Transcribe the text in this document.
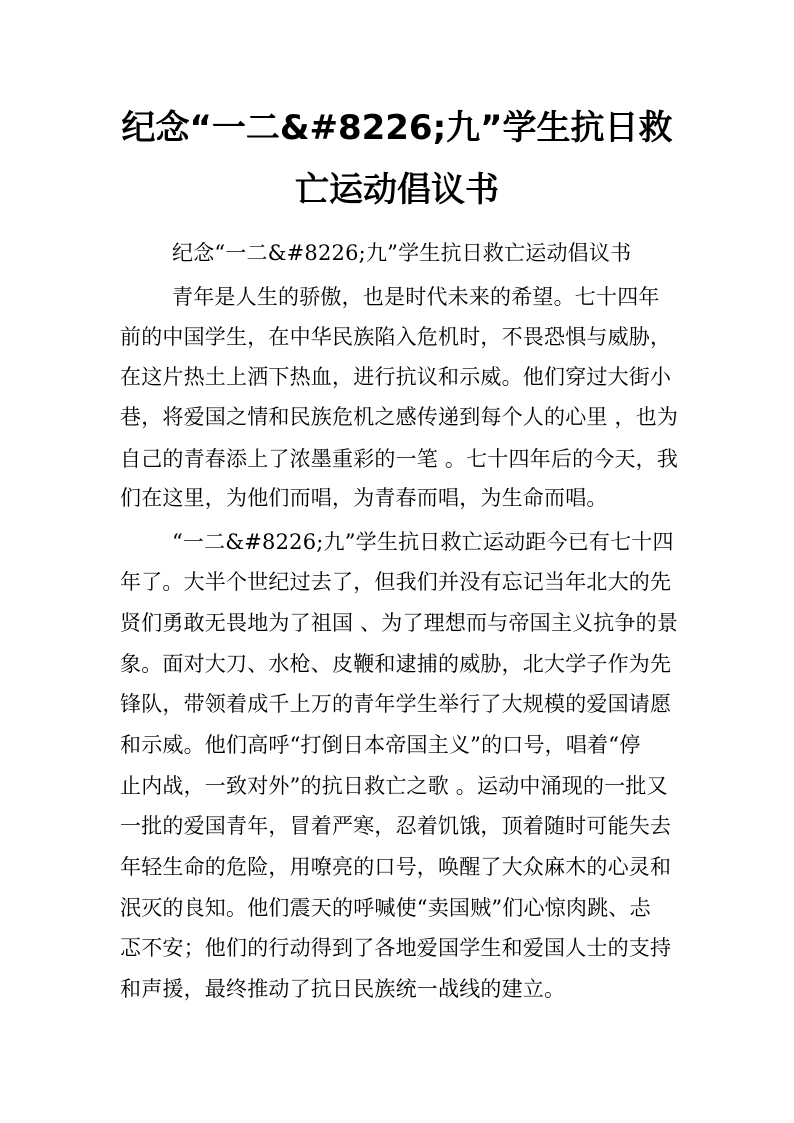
纪念“一二&#8226;九”学生抗日救
亡运动倡议书
纪念“一二&#8226;九”学生抗日救亡运动倡议书
青年是人生的骄傲，也是时代未来的希望。七十四年
前的中国学生，在中华民族陷入危机时，不畏恐惧与威胁，
在这片热土上洒下热血，进行抗议和示威。他们穿过大街小
巷，将爱国之情和民族危机之感传递到每个人的心里 ，也为
自己的青春添上了浓墨重彩的一笔 。七十四年后的今天，我
们在这里，为他们而唱，为青春而唱，为生命而唱。
“一二&#8226;九”学生抗日救亡运动距今已有七十四
年了。大半个世纪过去了，但我们并没有忘记当年北大的先
贤们勇敢无畏地为了祖国 、为了理想而与帝国主义抗争的景
象。面对大刀、水枪、皮鞭和逮捕的威胁，北大学子作为先
锋队，带领着成千上万的青年学生举行了大规模的爱国请愿
和示威。他们高呼“打倒日本帝国主义”的口号，唱着“停
止内战，一致对外”的抗日救亡之歌 。运动中涌现的一批又
一批的爱国青年，冒着严寒，忍着饥饿，顶着随时可能失去
年轻生命的危险，用嘹亮的口号，唤醒了大众麻木的心灵和
泯灭的良知。他们震天的呼喊使“卖国贼”们心惊肉跳、忐
忑不安；他们的行动得到了各地爱国学生和爱国人士的支持
和声援，最终推动了抗日民族统一战线的建立。
